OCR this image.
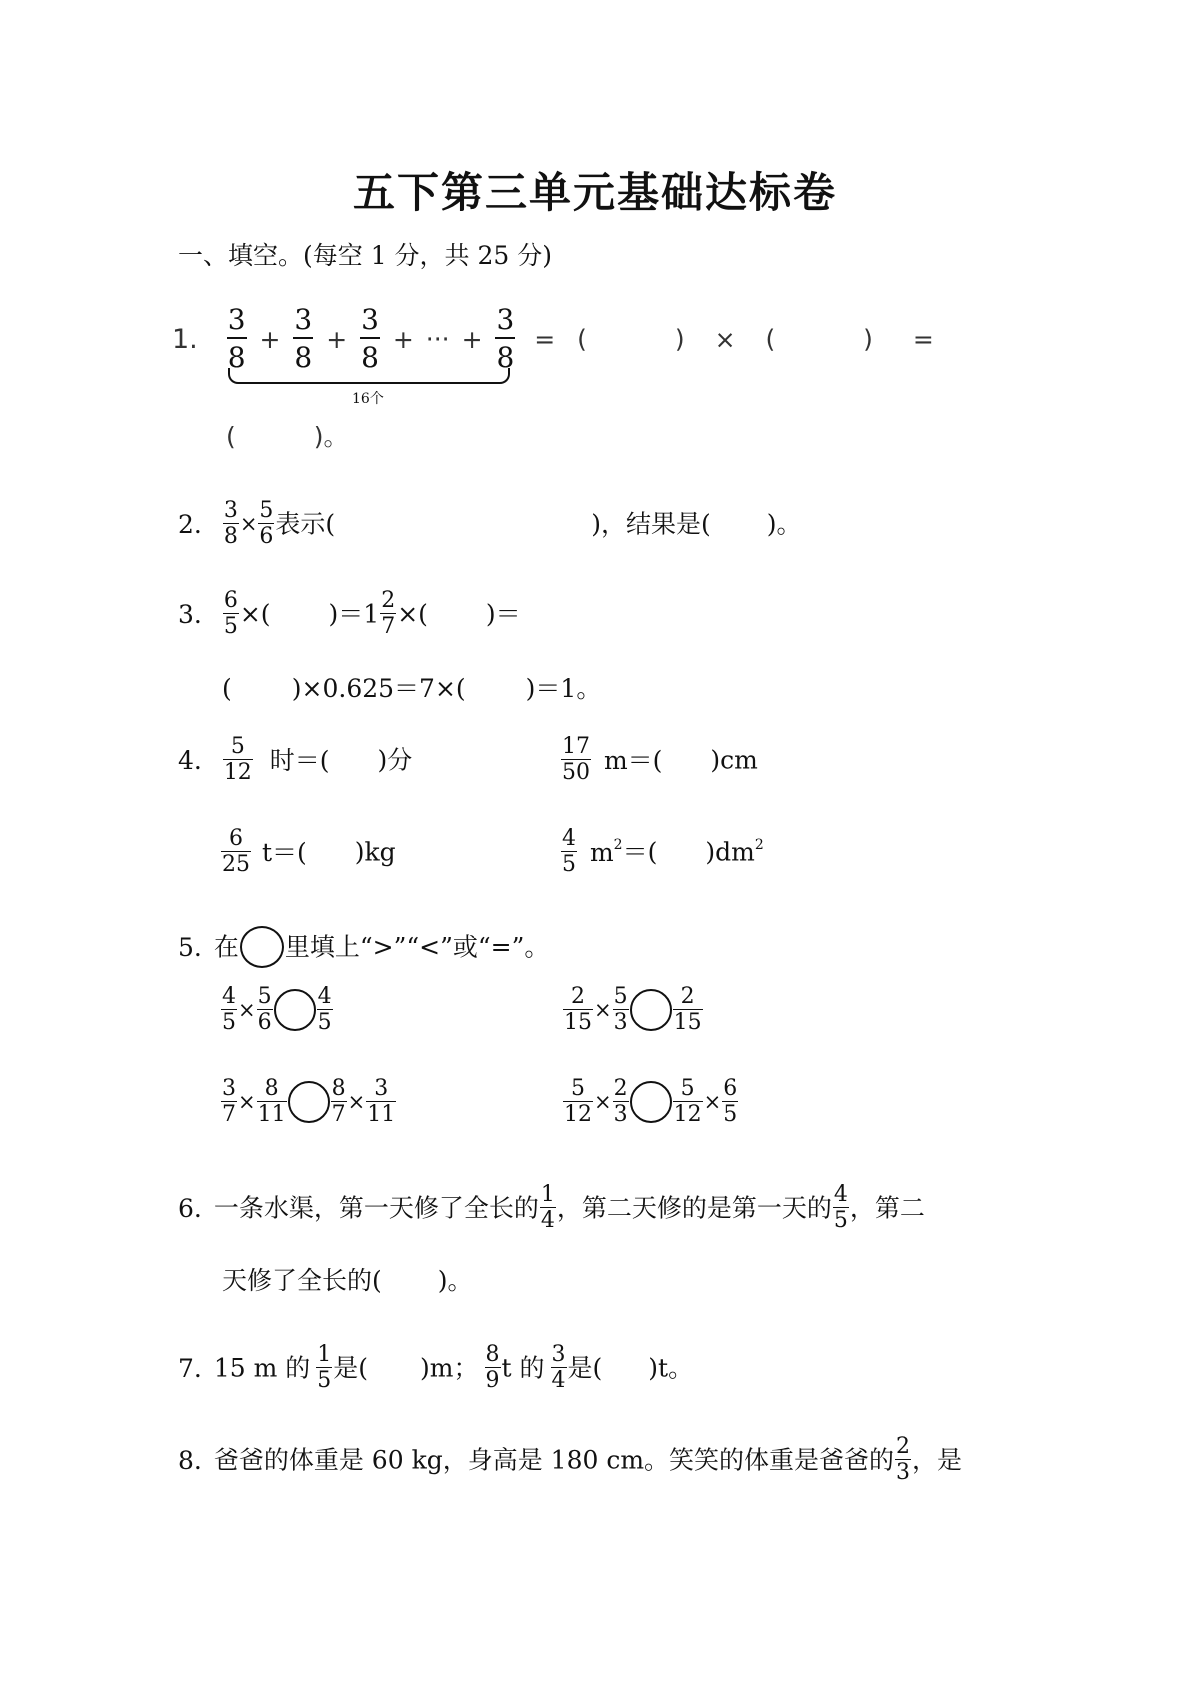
五下第三单元基础达标卷
一、填空。(每空 1 分，共 25 分)
1. $\frac{3}{8} + \frac{3}{8} + \frac{3}{8}$ + ··· + $\frac{3}{8}$ = (	) × (	) =
16个
(	)。
2. $\frac{3}{8} \times \frac{5}{6}$ 表示(	)，结果是( )。
3. $\frac{6}{5}$ ×( )$=1 \frac{2}{7}$ ×( )＝
( )×0.625＝7×( )＝1。
4. $\frac{5}{12}$ 时＝( )分	$\frac{17}{50} m=$( )cm
$\frac{6}{25} t=$( )kg	$\frac{4}{5} m^2=$( )$dm^2$
5. 在 里填上“>”“<”或“=”。
$\frac{4}{5} \times \frac{5}{6} \frac{4}{5}$	$\frac{2}{15} \times \frac{5}{3} \frac{2}{15}$
$\frac{3}{7} \times \frac{8}{11} \frac{8}{7} \times \frac{3}{11}$	$\frac{5}{12} \times \frac{2}{3} \frac{5}{12} \times \frac{6}{5}$
6. 一条水渠，第一天修了全长的 $\frac{1}{4}$ ，第二天修的是第一天的 $\frac{4}{5}$ ，第二
天修了全长的( )。
7. 15 m 的 $\frac{1}{5}$ 是( )m； $\frac{8}{9}$ t 的 $\frac{3}{4}$ 是( )t。
8. 爸爸的体重是 60 kg，身高是 180 cm。笑笑的体重是爸爸的 $\frac{2}{3}$ ，是
